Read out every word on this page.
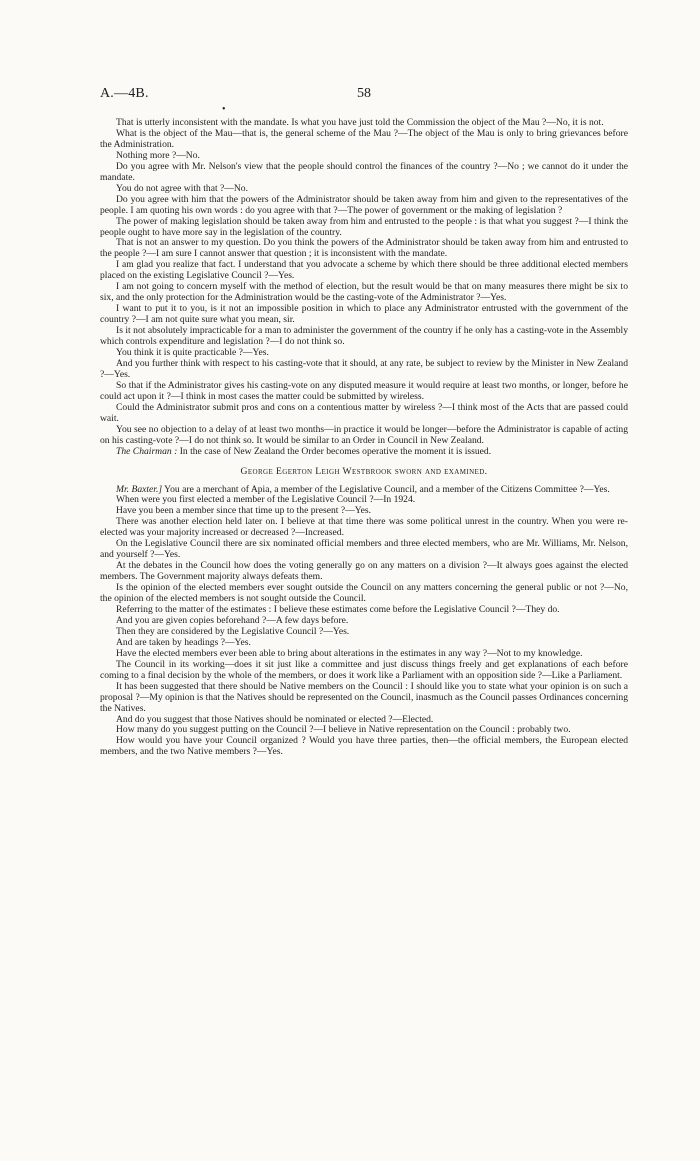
A.—4B.	58
•

That is utterly inconsistent with the mandate. Is what you have just told the Commission the object of the Mau ?—No, it is not.

What is the object of the Mau—that is, the general scheme of the Mau ?—The object of the Mau is only to bring grievances before the Administration.

Nothing more ?—No.

Do you agree with Mr. Nelson's view that the people should control the finances of the country ?—No ; we cannot do it under the mandate.

You do not agree with that ?—No.

Do you agree with him that the powers of the Administrator should be taken away from him and given to the representatives of the people. I am quoting his own words : do you agree with that ?—The power of government or the making of legislation ?

The power of making legislation should be taken away from him and entrusted to the people : is that what you suggest ?—I think the people ought to have more say in the legislation of the country.

That is not an answer to my question. Do you think the powers of the Administrator should be taken away from him and entrusted to the people ?—I am sure I cannot answer that question ; it is inconsistent with the mandate.

I am glad you realize that fact. I understand that you advocate a scheme by which there should be three additional elected members placed on the existing Legislative Council ?—Yes.

I am not going to concern myself with the method of election, but the result would be that on many measures there might be six to six, and the only protection for the Administration would be the casting-vote of the Administrator ?—Yes.

I want to put it to you, is it not an impossible position in which to place any Administrator entrusted with the government of the country ?—I am not quite sure what you mean, sir.

Is it not absolutely impracticable for a man to administer the government of the country if he only has a casting-vote in the Assembly which controls expenditure and legislation ?—I do not think so.

You think it is quite practicable ?—Yes.

And you further think with respect to his casting-vote that it should, at any rate, be subject to review by the Minister in New Zealand ?—Yes.

So that if the Administrator gives his casting-vote on any disputed measure it would require at least two months, or longer, before he could act upon it ?—I think in most cases the matter could be submitted by wireless.

Could the Administrator submit pros and cons on a contentious matter by wireless ?—I think most of the Acts that are passed could wait.

You see no objection to a delay of at least two months—in practice it would be longer—before the Administrator is capable of acting on his casting-vote ?—I do not think so. It would be similar to an Order in Council in New Zealand.

The Chairman : In the case of New Zealand the Order becomes operative the moment it is issued.

George Egerton Leigh Westbrook sworn and examined.

Mr. Baxter.] You are a merchant of Apia, a member of the Legislative Council, and a member of the Citizens Committee ?—Yes.

When were you first elected a member of the Legislative Council ?—In 1924.

Have you been a member since that time up to the present ?—Yes.

There was another election held later on. I believe at that time there was some political unrest in the country. When you were re-elected was your majority increased or decreased ?—Increased.

On the Legislative Council there are six nominated official members and three elected members, who are Mr. Williams, Mr. Nelson, and yourself ?—Yes.

At the debates in the Council how does the voting generally go on any matters on a division ?—It always goes against the elected members. The Government majority always defeats them.

Is the opinion of the elected members ever sought outside the Council on any matters concerning the general public or not ?—No, the opinion of the elected members is not sought outside the Council.

Referring to the matter of the estimates : I believe these estimates come before the Legislative Council ?—They do.

And you are given copies beforehand ?—A few days before.

Then they are considered by the Legislative Council ?—Yes.

And are taken by headings ?—Yes.

Have the elected members ever been able to bring about alterations in the estimates in any way ?—Not to my knowledge.

The Council in its working—does it sit just like a committee and just discuss things freely and get explanations of each before coming to a final decision by the whole of the members, or does it work like a Parliament with an opposition side ?—Like a Parliament.

It has been suggested that there should be Native members on the Council : I should like you to state what your opinion is on such a proposal ?—My opinion is that the Natives should be represented on the Council, inasmuch as the Council passes Ordinances concerning the Natives.

And do you suggest that those Natives should be nominated or elected ?—Elected.

How many do you suggest putting on the Council ?—I believe in Native representation on the Council : probably two.

How would you have your Council organized ? Would you have three parties, then—the official members, the European elected members, and the two Native members ?—Yes.
